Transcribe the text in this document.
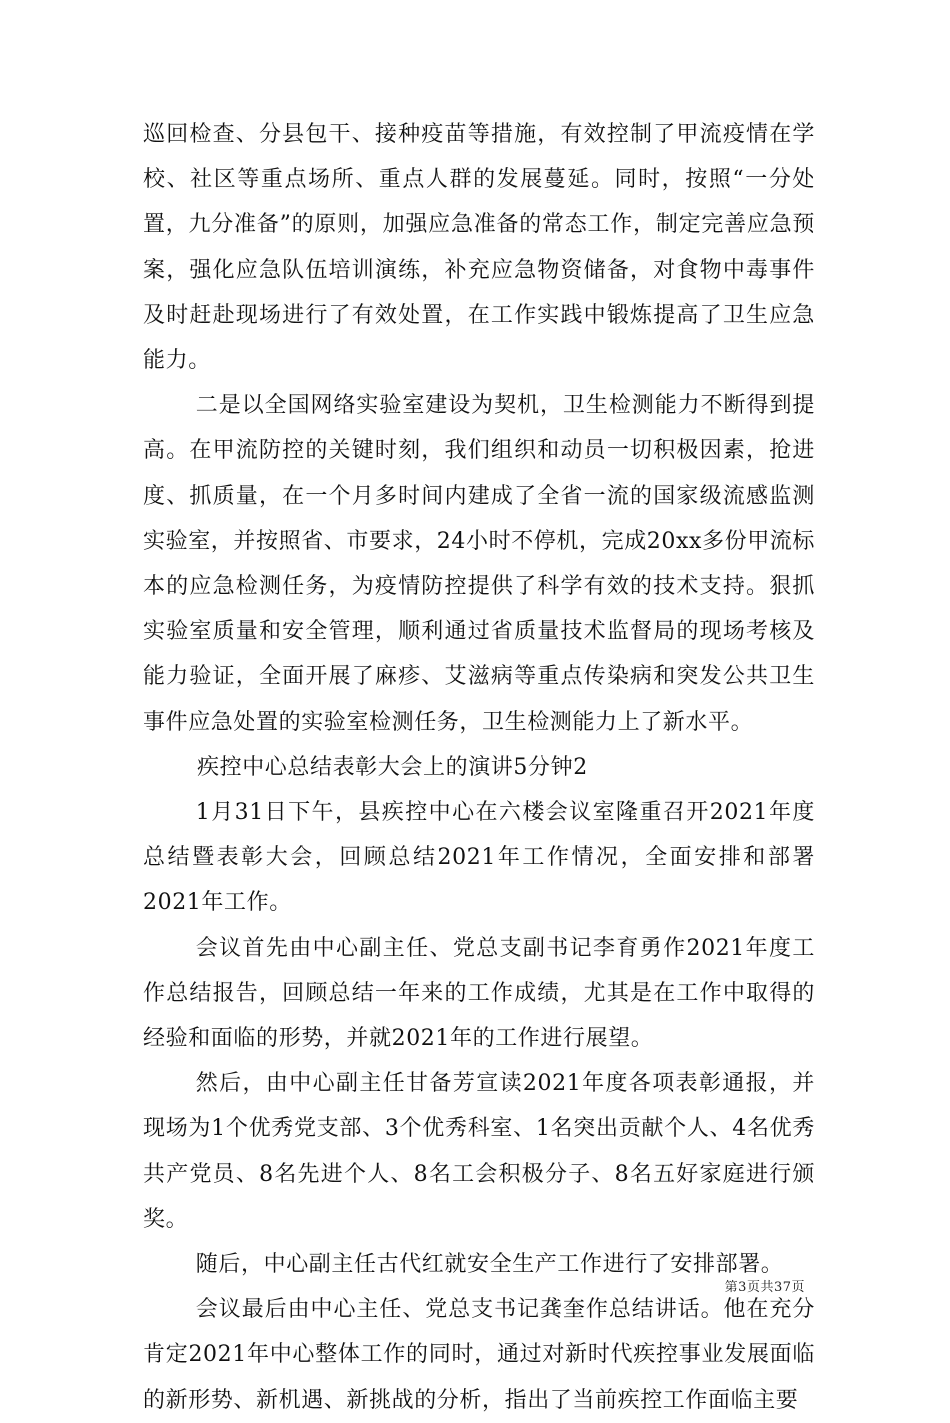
巡回检查、分县包干、接种疫苗等措施，有效控制了甲流疫情在学校、社区等重点场所、重点人群的发展蔓延。同时，按照“一分处置，九分准备”的原则，加强应急准备的常态工作，制定完善应急预案，强化应急队伍培训演练，补充应急物资储备，对食物中毒事件及时赶赴现场进行了有效处置，在工作实践中锻炼提高了卫生应急能力。

二是以全国网络实验室建设为契机，卫生检测能力不断得到提高。在甲流防控的关键时刻，我们组织和动员一切积极因素，抢进度、抓质量，在一个月多时间内建成了全省一流的国家级流感监测实验室，并按照省、市要求，24小时不停机，完成20xx多份甲流标本的应急检测任务，为疫情防控提供了科学有效的技术支持。狠抓实验室质量和安全管理，顺利通过省质量技术监督局的现场考核及能力验证，全面开展了麻疹、艾滋病等重点传染病和突发公共卫生事件应急处置的实验室检测任务，卫生检测能力上了新水平。

疾控中心总结表彰大会上的演讲5分钟2

1月31日下午，县疾控中心在六楼会议室隆重召开2021年度总结暨表彰大会，回顾总结2021年工作情况，全面安排和部署2021年工作。

会议首先由中心副主任、党总支副书记李育勇作2021年度工作总结报告，回顾总结一年来的工作成绩，尤其是在工作中取得的经验和面临的形势，并就2021年的工作进行展望。

然后，由中心副主任甘备芳宣读2021年度各项表彰通报，并现场为1个优秀党支部、3个优秀科室、1名突出贡献个人、4名优秀共产党员、8名先进个人、8名工会积极分子、8名五好家庭进行颁奖。

随后，中心副主任古代红就安全生产工作进行了安排部署。

会议最后由中心主任、党总支书记龚奎作总结讲话。他在充分肯定2021年中心整体工作的同时，通过对新时代疾控事业发展面临的新形势、新机遇、新挑战的分析，指出了当前疾控工作面临主要

第3页共37页
